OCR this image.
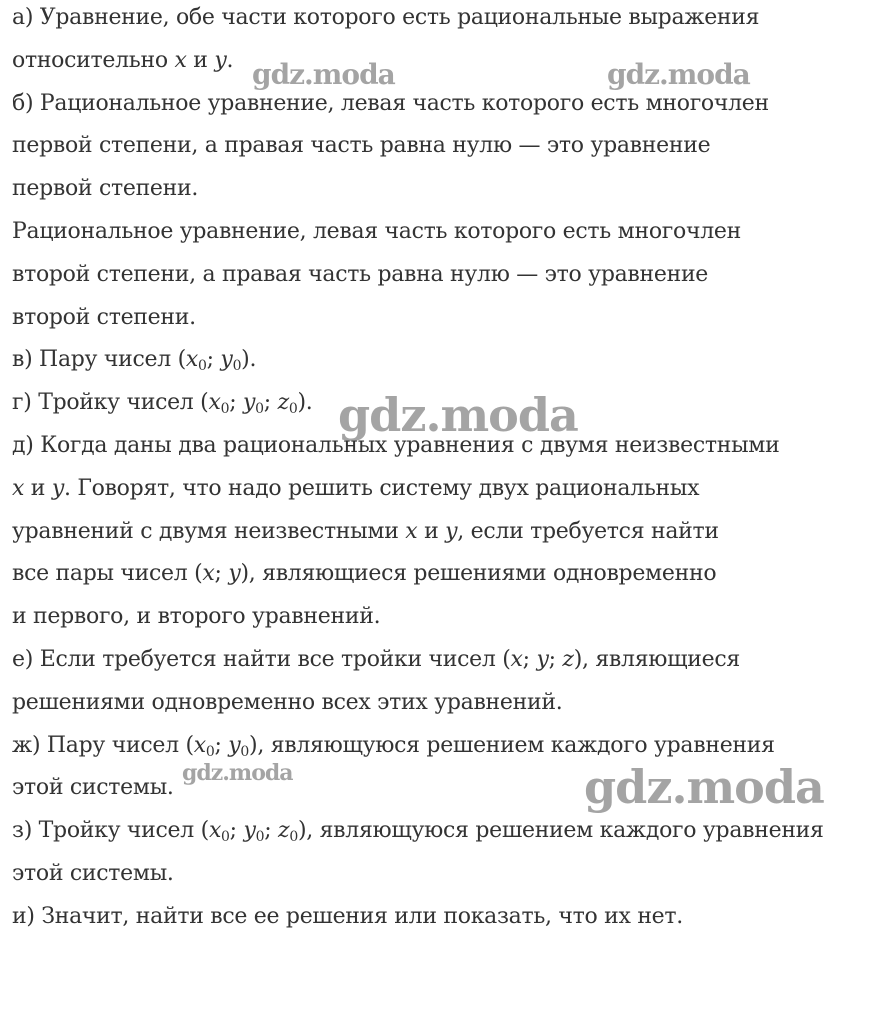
а) Уравнение, обе части которого есть рациональные выражения
относительно x и y.
б) Рациональное уравнение, левая часть которого есть многочлен
первой степени, а правая часть равна нулю — это уравнение
первой степени.
Рациональное уравнение, левая часть которого есть многочлен
второй степени, а правая часть равна нулю — это уравнение
второй степени.
в) Пару чисел ($x_0$; $y_0$).
г) Тройку чисел ($x_0$; $y_0$; $z_0$).
д) Когда даны два рациональных уравнения с двумя неизвестными
x и y. Говорят, что надо решить систему двух рациональных
уравнений с двумя неизвестными x и y, если требуется найти
все пары чисел (x; y), являющиеся решениями одновременно
и первого, и второго уравнений.
е) Если требуется найти все тройки чисел (x; y; z), являющиеся
решениями одновременно всех этих уравнений.
ж) Пару чисел ($x_0$; $y_0$), являющуюся решением каждого уравнения
этой системы.
з) Тройку чисел ($x_0$; $y_0$; $z_0$), являющуюся решением каждого уравнения
этой системы.
и) Значит, найти все ее решения или показать, что их нет.
gdz.moda	gdz.moda
gdz.moda
gdz.moda	gdz.moda
